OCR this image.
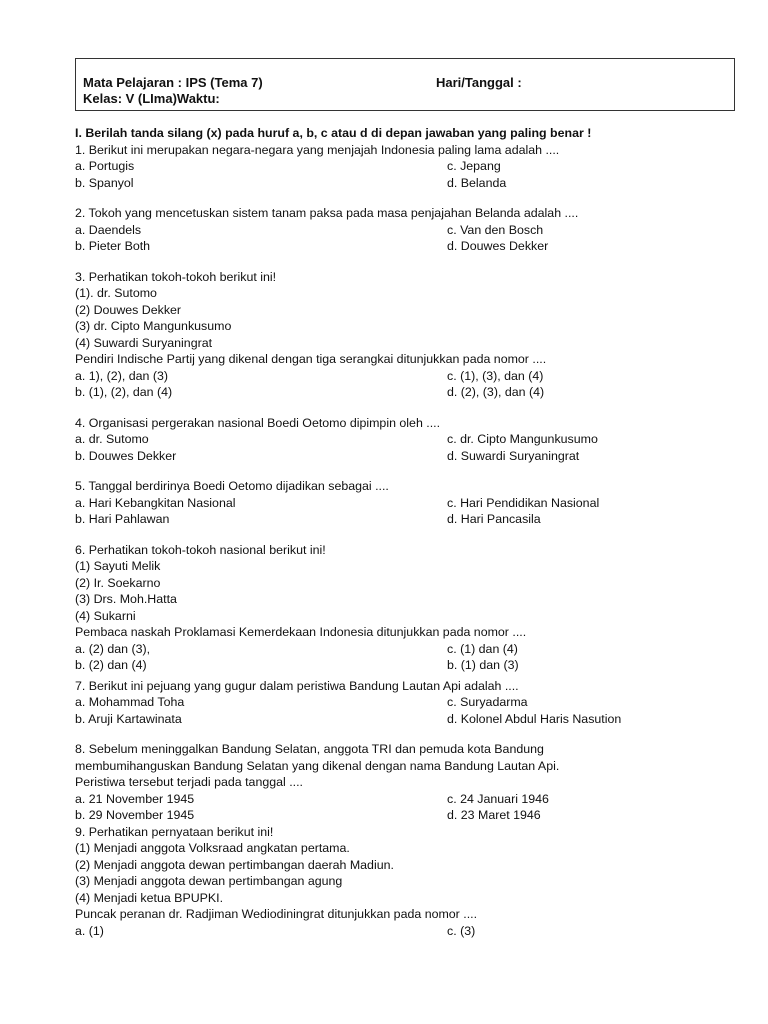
Mata Pelajaran : IPS (Tema 7)
Kelas: V (LIma)Waktu:
Hari/Tanggal :
I. Berilah tanda silang (x) pada huruf a, b, c atau d di depan jawaban yang paling benar !
1. Berikut ini merupakan negara-negara yang menjajah Indonesia paling lama adalah ....
a. Portugis	c. Jepang
b. Spanyol	d. Belanda
2. Tokoh yang mencetuskan sistem tanam paksa pada masa penjajahan Belanda adalah ....
a. Daendels	c. Van den Bosch
b. Pieter Both	d. Douwes Dekker
3. Perhatikan tokoh-tokoh berikut ini!
(1). dr. Sutomo
(2) Douwes Dekker
(3) dr. Cipto Mangunkusumo
(4) Suwardi Suryaningrat
Pendiri Indische Partij yang dikenal dengan tiga serangkai ditunjukkan pada nomor ....
a. 1), (2), dan (3)	c. (1), (3), dan (4)
b. (1), (2), dan (4)	d. (2), (3), dan (4)
4. Organisasi pergerakan nasional Boedi Oetomo dipimpin oleh ....
a. dr. Sutomo	c. dr. Cipto Mangunkusumo
b. Douwes Dekker	d. Suwardi Suryaningrat
5. Tanggal berdirinya Boedi Oetomo dijadikan sebagai ....
a. Hari Kebangkitan Nasional	c. Hari Pendidikan Nasional
b. Hari Pahlawan	d. Hari Pancasila
6. Perhatikan tokoh-tokoh nasional berikut ini!
(1) Sayuti Melik
(2) Ir. Soekarno
(3) Drs. Moh.Hatta
(4) Sukarni
Pembaca naskah Proklamasi Kemerdekaan Indonesia ditunjukkan pada nomor ....
a. (2) dan (3),	c. (1) dan (4)
b. (2) dan (4)	b. (1) dan (3)
7. Berikut ini pejuang yang gugur dalam peristiwa Bandung Lautan Api adalah ....
a. Mohammad Toha	c. Suryadarma
b. Aruji Kartawinata	d. Kolonel Abdul Haris Nasution
8. Sebelum meninggalkan Bandung Selatan, anggota TRI dan pemuda kota Bandung
membumihanguskan Bandung Selatan yang dikenal dengan nama Bandung Lautan Api.
Peristiwa tersebut terjadi pada tanggal ....
a. 21 November 1945	c. 24 Januari 1946
b. 29 November 1945	d. 23 Maret 1946
9. Perhatikan pernyataan berikut ini!
(1) Menjadi anggota Volksraad angkatan pertama.
(2) Menjadi anggota dewan pertimbangan daerah Madiun.
(3) Menjadi anggota dewan pertimbangan agung
(4) Menjadi ketua BPUPKI.
Puncak peranan dr. Radjiman Wediodiningrat ditunjukkan pada nomor ....
a. (1)	c. (3)
